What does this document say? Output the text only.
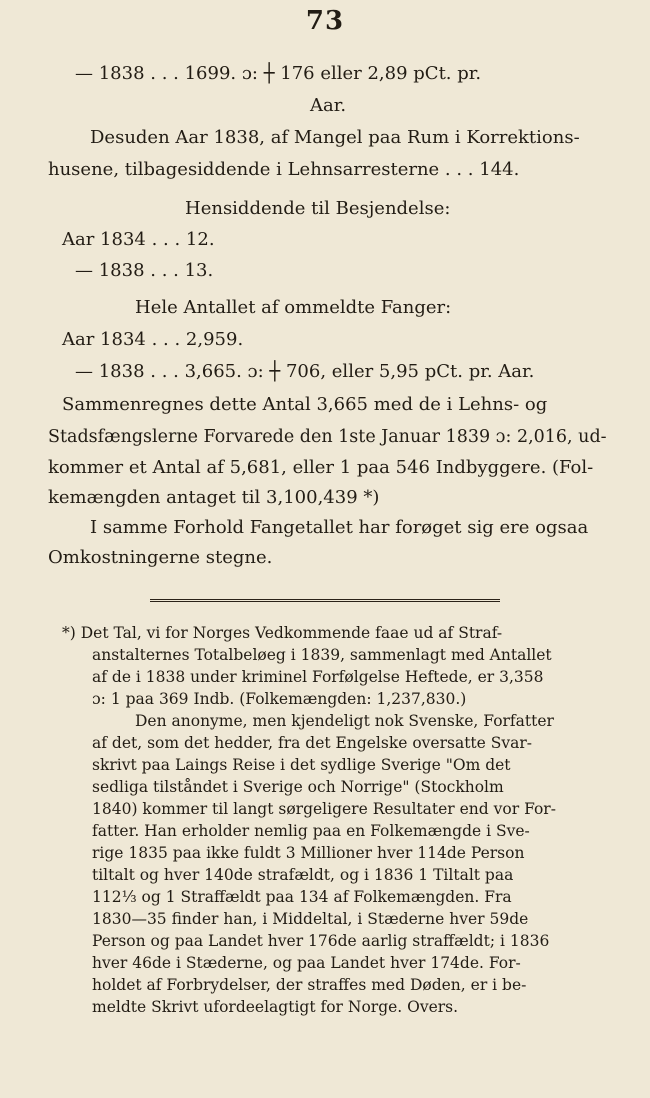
73
— 1838 . . . 1699. ɔ: ┼ 176 eller 2,89 pCt. pr.
Aar.
Desuden Aar 1838, af Mangel paa Rum i Korrektions-
husene, tilbagesiddende i Lehnsarresterne . . . 144.
Hensiddende til Besjendelse:
Aar 1834 . . . 12.
— 1838 . . . 13.
Hele Antallet af ommeldte Fanger:
Aar 1834 . . . 2,959.
— 1838 . . . 3,665. ɔ: ┼ 706, eller 5,95 pCt. pr. Aar.
Sammenregnes dette Antal 3,665 med de i Lehns- og
Stadsfængslerne Forvarede den 1ste Januar 1839 ɔ: 2,016, ud-
kommer et Antal af 5,681, eller 1 paa 546 Indbyggere. (Fol-
kemængden antaget til 3,100,439 *)
I samme Forhold Fangetallet har forøget sig ere ogsaa
Omkostningerne stegne.
*) Det Tal, vi for Norges Vedkommende faae ud af Straf-
anstalternes Totalbeløeg i 1839, sammenlagt med Antallet
af de i 1838 under kriminel Forfølgelse Heftede, er 3,358
ɔ: 1 paa 369 Indb. (Folkemængden: 1,237,830.)
Den anonyme, men kjendeligt nok Svenske, Forfatter
af det, som det hedder, fra det Engelske oversatte Svar-
skrivt paa Laings Reise i det sydlige Sverige "Om det
sedliga tilståndet i Sverige och Norrige" (Stockholm
1840) kommer til langt sørgeligere Resultater end vor For-
fatter. Han erholder nemlig paa en Folkemængde i Sve-
rige 1835 paa ikke fuldt 3 Millioner hver 114de Person
tiltalt og hver 140de strafældt, og i 1836 1 Tiltalt paa
112⅓ og 1 Straffældt paa 134 af Folkemængden. Fra
1830—35 finder han, i Middeltal, i Stæderne hver 59de
Person og paa Landet hver 176de aarlig straffældt; i 1836
hver 46de i Stæderne, og paa Landet hver 174de. For-
holdet af Forbrydelser, der straffes med Døden, er i be-
meldte Skrivt ufordeelagtigt for Norge. Overs.
